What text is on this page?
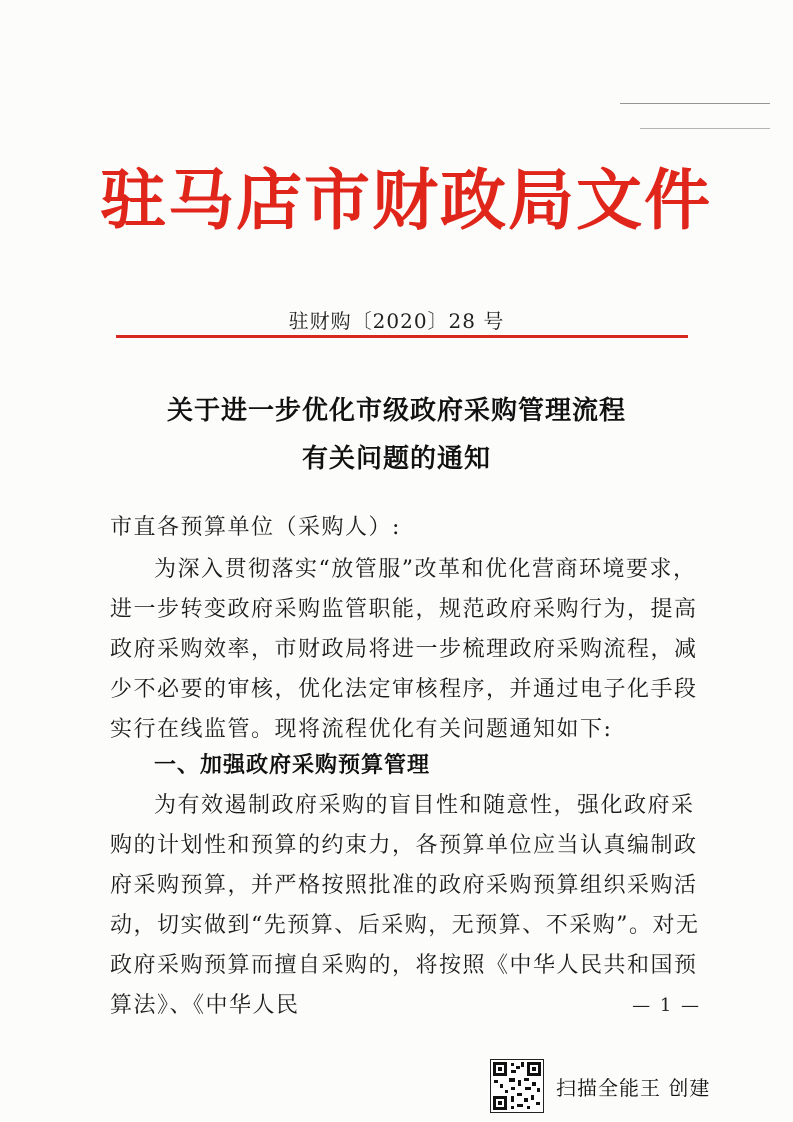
驻马店市财政局文件
驻财购〔2020〕28 号
关于进一步优化市级政府采购管理流程
有关问题的通知
市直各预算单位（采购人）:
为深入贯彻落实“放管服”改革和优化营商环境要求，进一步转变政府采购监管职能，规范政府采购行为，提高政府采购效率，市财政局将进一步梳理政府采购流程，减少不必要的审核，优化法定审核程序，并通过电子化手段实行在线监管。现将流程优化有关问题通知如下:
一、加强政府采购预算管理
为有效遏制政府采购的盲目性和随意性，强化政府采购的计划性和预算的约束力，各预算单位应当认真编制政府采购预算，并严格按照批准的政府采购预算组织采购活动，切实做到“先预算、后采购，无预算、不采购”。对无政府采购预算而擅自采购的，将按照《中华人民共和国预算法》、《中华人民	— 1 —
扫描全能王 创建
